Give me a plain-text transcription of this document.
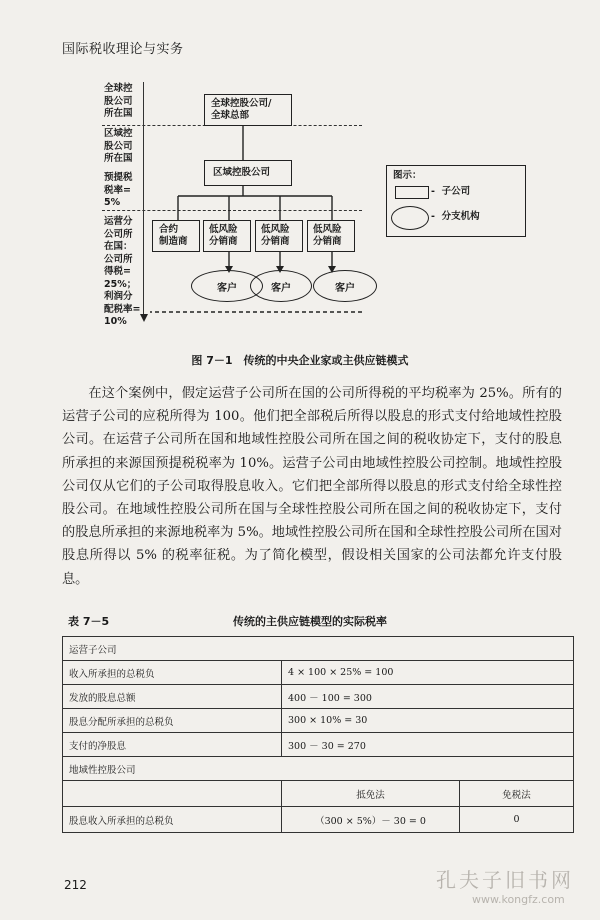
国际税收理论与实务
全球控
股公司
所在国
区域控
股公司
所在国
预提税
税率=
5%
运营分
公司所
在国：
公司所
得税=
25%；
利润分
配税率=
10%
全球控股公司/
全球总部
区域控股公司
合约
制造商
低风险
分销商
低风险
分销商
低风险
分销商
客户	客户	客户
图示：
-  子公司
-  分支机构
图 7－1　传统的中央企业家或主供应链模式

在这个案例中，假定运营子公司所在国的公司所得税的平均税率为 25%。所有的运营子公司的应税所得为 100。他们把全部税后所得以股息的形式支付给地域性控股公司。在运营子公司所在国和地域性控股公司所在国之间的税收协定下，支付的股息所承担的来源国预提税税率为 10%。运营子公司由地域性控股公司控制。地域性控股公司仅从它们的子公司取得股息收入。它们把全部所得以股息的形式支付给全球性控股公司。在地域性控股公司所在国与全球性控股公司所在国之间的税收协定下，支付的股息所承担的来源地税率为 5%。地域性控股公司所在国和全球性控股公司所在国对股息所得以 5% 的税率征税。为了简化模型，假设相关国家的公司法都允许支付股息。

表 7－5	传统的主供应链模型的实际税率
运营子公司		
收入所承担的总税负	4 × 100 × 25% = 100	
发放的股息总额	400 － 100 = 300	
股息分配所承担的总税负	300 × 10% = 30	
支付的净股息	300 － 30 = 270	
地域性控股公司		
	抵免法	免税法
股息收入所承担的总税负	（300 × 5%）－ 30 = 0	0
212	孔夫子旧书网
www.kongfz.com
